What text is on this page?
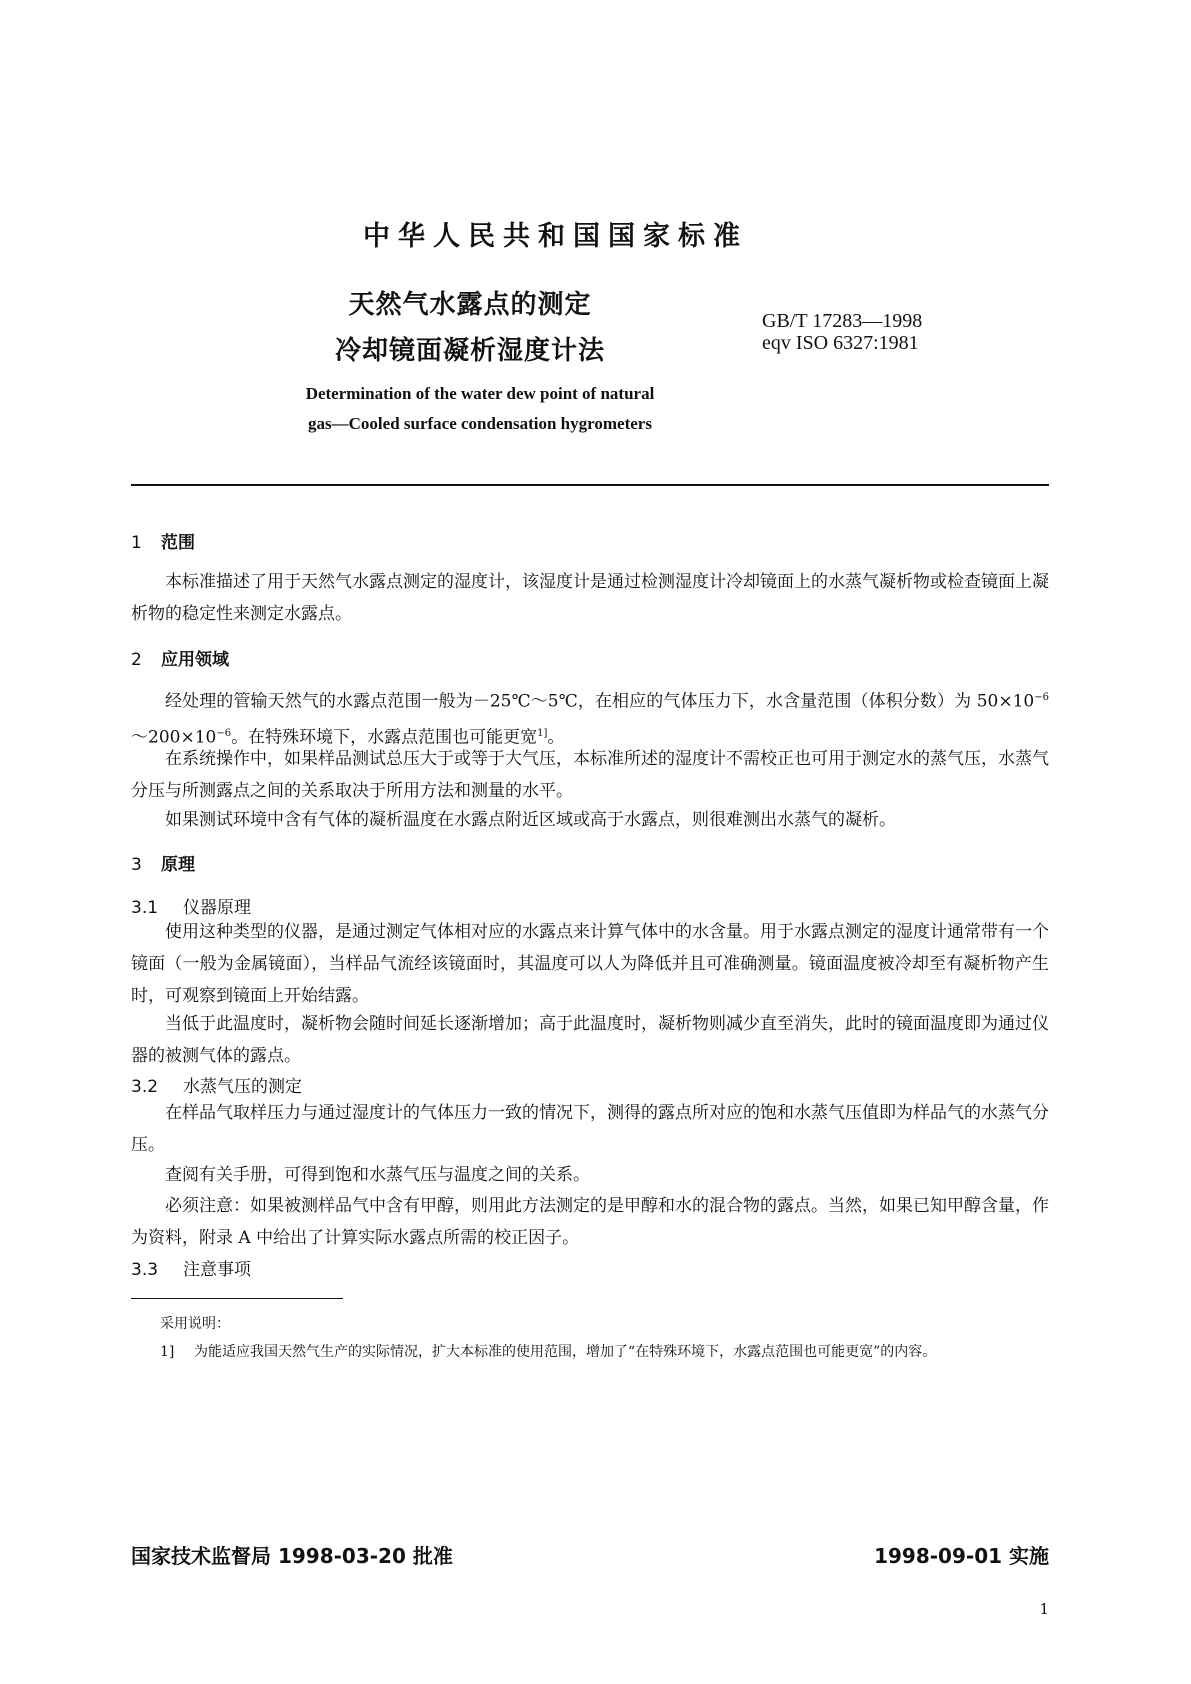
中华人民共和国国家标准
天然气水露点的测定
冷却镜面凝析湿度计法
GB/T 17283—1998
eqv ISO 6327:1981
Determination of the water dew point of natural
gas—Cooled surface condensation hygrometers
1 范围
本标准描述了用于天然气水露点测定的湿度计，该湿度计是通过检测湿度计冷却镜面上的水蒸气凝析物或检查镜面上凝析物的稳定性来测定水露点。
2 应用领域
经处理的管输天然气的水露点范围一般为－25℃～5℃，在相应的气体压力下，水含量范围（体积分数）为 $50\times 10^{-6}\sim 200\times 10^{-6}$。在特殊环境下，水露点范围也可能更宽$^{1]}$。
在系统操作中，如果样品测试总压大于或等于大气压，本标准所述的湿度计不需校正也可用于测定水的蒸气压，水蒸气分压与所测露点之间的关系取决于所用方法和测量的水平。
如果测试环境中含有气体的凝析温度在水露点附近区域或高于水露点，则很难测出水蒸气的凝析。
3 原理
3.1 仪器原理
使用这种类型的仪器，是通过测定气体相对应的水露点来计算气体中的水含量。用于水露点测定的湿度计通常带有一个镜面（一般为金属镜面），当样品气流经该镜面时，其温度可以人为降低并且可准确测量。镜面温度被冷却至有凝析物产生时，可观察到镜面上开始结露。
当低于此温度时，凝析物会随时间延长逐渐增加；高于此温度时，凝析物则减少直至消失，此时的镜面温度即为通过仪器的被测气体的露点。
3.2 水蒸气压的测定
在样品气取样压力与通过湿度计的气体压力一致的情况下，测得的露点所对应的饱和水蒸气压值即为样品气的水蒸气分压。
查阅有关手册，可得到饱和水蒸气压与温度之间的关系。
必须注意：如果被测样品气中含有甲醇，则用此方法测定的是甲醇和水的混合物的露点。当然，如果已知甲醇含量，作为资料，附录 A 中给出了计算实际水露点所需的校正因子。
3.3 注意事项
采用说明：
1] 为能适应我国天然气生产的实际情况，扩大本标准的使用范围，增加了“在特殊环境下，水露点范围也可能更宽”的内容。
国家技术监督局 1998-03-20 批准	1998-09-01 实施
1
